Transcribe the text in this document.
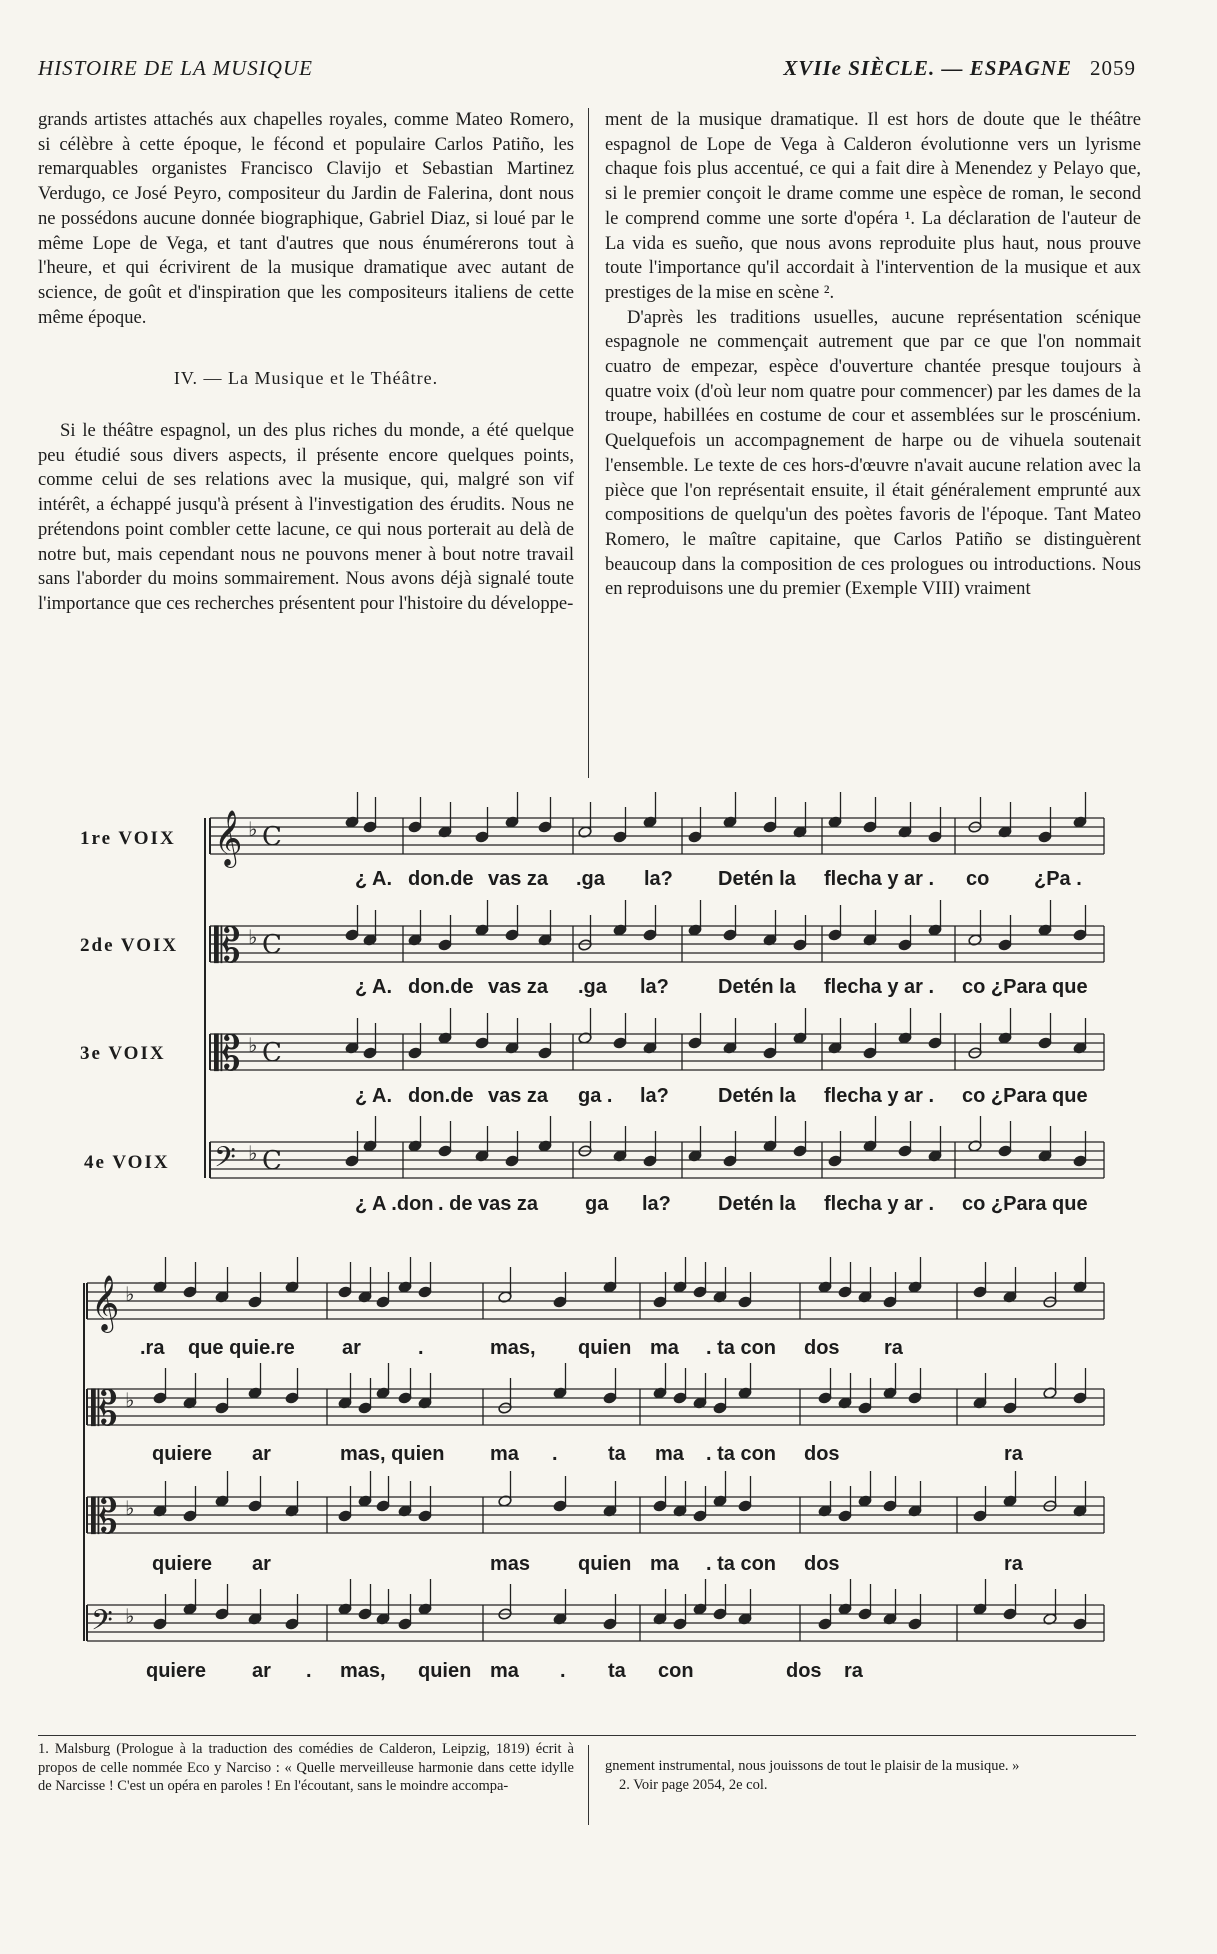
HISTOIRE DE LA MUSIQUE	XVIIe SIÈCLE. — ESPAGNE 2059

grands artistes attachés aux chapelles royales, comme Mateo Romero, si célèbre à cette époque, le fécond et populaire Carlos Patiño, les remarquables organistes Francisco Clavijo et Sebastian Martinez Verdugo, ce José Peyro, compositeur du Jardin de Falerina, dont nous ne possédons aucune donnée biographique, Gabriel Diaz, si loué par le même Lope de Vega, et tant d'autres que nous énumérerons tout à l'heure, et qui écrivirent de la musique dramatique avec autant de science, de goût et d'inspiration que les compositeurs italiens de cette même époque.

IV. — La Musique et le Théâtre.

Si le théâtre espagnol, un des plus riches du monde, a été quelque peu étudié sous divers aspects, il présente encore quelques points, comme celui de ses relations avec la musique, qui, malgré son vif intérêt, a échappé jusqu'à présent à l'investigation des érudits. Nous ne prétendons point combler cette lacune, ce qui nous porterait au delà de notre but, mais cependant nous ne pouvons mener à bout notre travail sans l'aborder du moins sommairement. Nous avons déjà signalé toute l'importance que ces recherches présentent pour l'histoire du développe-

ment de la musique dramatique. Il est hors de doute que le théâtre espagnol de Lope de Vega à Calderon évolutionne vers un lyrisme chaque fois plus accentué, ce qui a fait dire à Menendez y Pelayo que, si le premier conçoit le drame comme une espèce de roman, le second le comprend comme une sorte d'opéra ¹. La déclaration de l'auteur de La vida es sueño, que nous avons reproduite plus haut, nous prouve toute l'importance qu'il accordait à l'intervention de la musique et aux prestiges de la mise en scène ².

D'après les traditions usuelles, aucune représentation scénique espagnole ne commençait autrement que par ce que l'on nommait cuatro de empezar, espèce d'ouverture chantée presque toujours à quatre voix (d'où leur nom quatre pour commencer) par les dames de la troupe, habillées en costume de cour et assemblées sur le proscénium. Quelquefois un accompagnement de harpe ou de vihuela soutenait l'ensemble. Le texte de ces hors-d'œuvre n'avait aucune relation avec la pièce que l'on représentait ensuite, il était généralement emprunté aux compositions de quelqu'un des poètes favoris de l'époque. Tant Mateo Romero, le maître capitaine, que Carlos Patiño se distinguèrent beaucoup dans la composition de ces prologues ou introductions. Nous en reproduisons une du premier (Exemple VIII) vraiment

𝄞 ♭ C
𝄡 ♭ C
𝄡 ♭ C
𝄢 ♭ C
𝄞 ♭
𝄡 ♭
𝄡 ♭
𝄢 ♭
1re VOIX
2de VOIX
3e VOIX
4e VOIX
¿ A. don.de vas za .ga la? Detén la flecha y ar . co ¿Pa .
¿ A. don.de vas za .ga la? Detén la flecha y ar . co ¿Para que
¿ A. don.de vas za ga . la? Detén la flecha y ar . co ¿Para que
¿ A .don . de vas za ga la? Detén la flecha y ar . co ¿Para que
.ra que quie.re ar	.	mas, quien ma . ta con dos ra
quiere ar	mas, quien ma .	ta ma . ta con dos	ra
quiere ar	mas quien ma . ta con dos	ra
quiere ar . mas, quien ma . ta con	dos ra

1. Malsburg (Prologue à la traduction des comédies de Calderon, Leipzig, 1819) écrit à propos de celle nommée Eco y Narciso : « Quelle merveilleuse harmonie dans cette idylle de Narcisse ! C'est un opéra en paroles ! En l'écoutant, sans le moindre accompa-

gnement instrumental, nous jouissons de tout le plaisir de la musique. »

2. Voir page 2054, 2e col.
